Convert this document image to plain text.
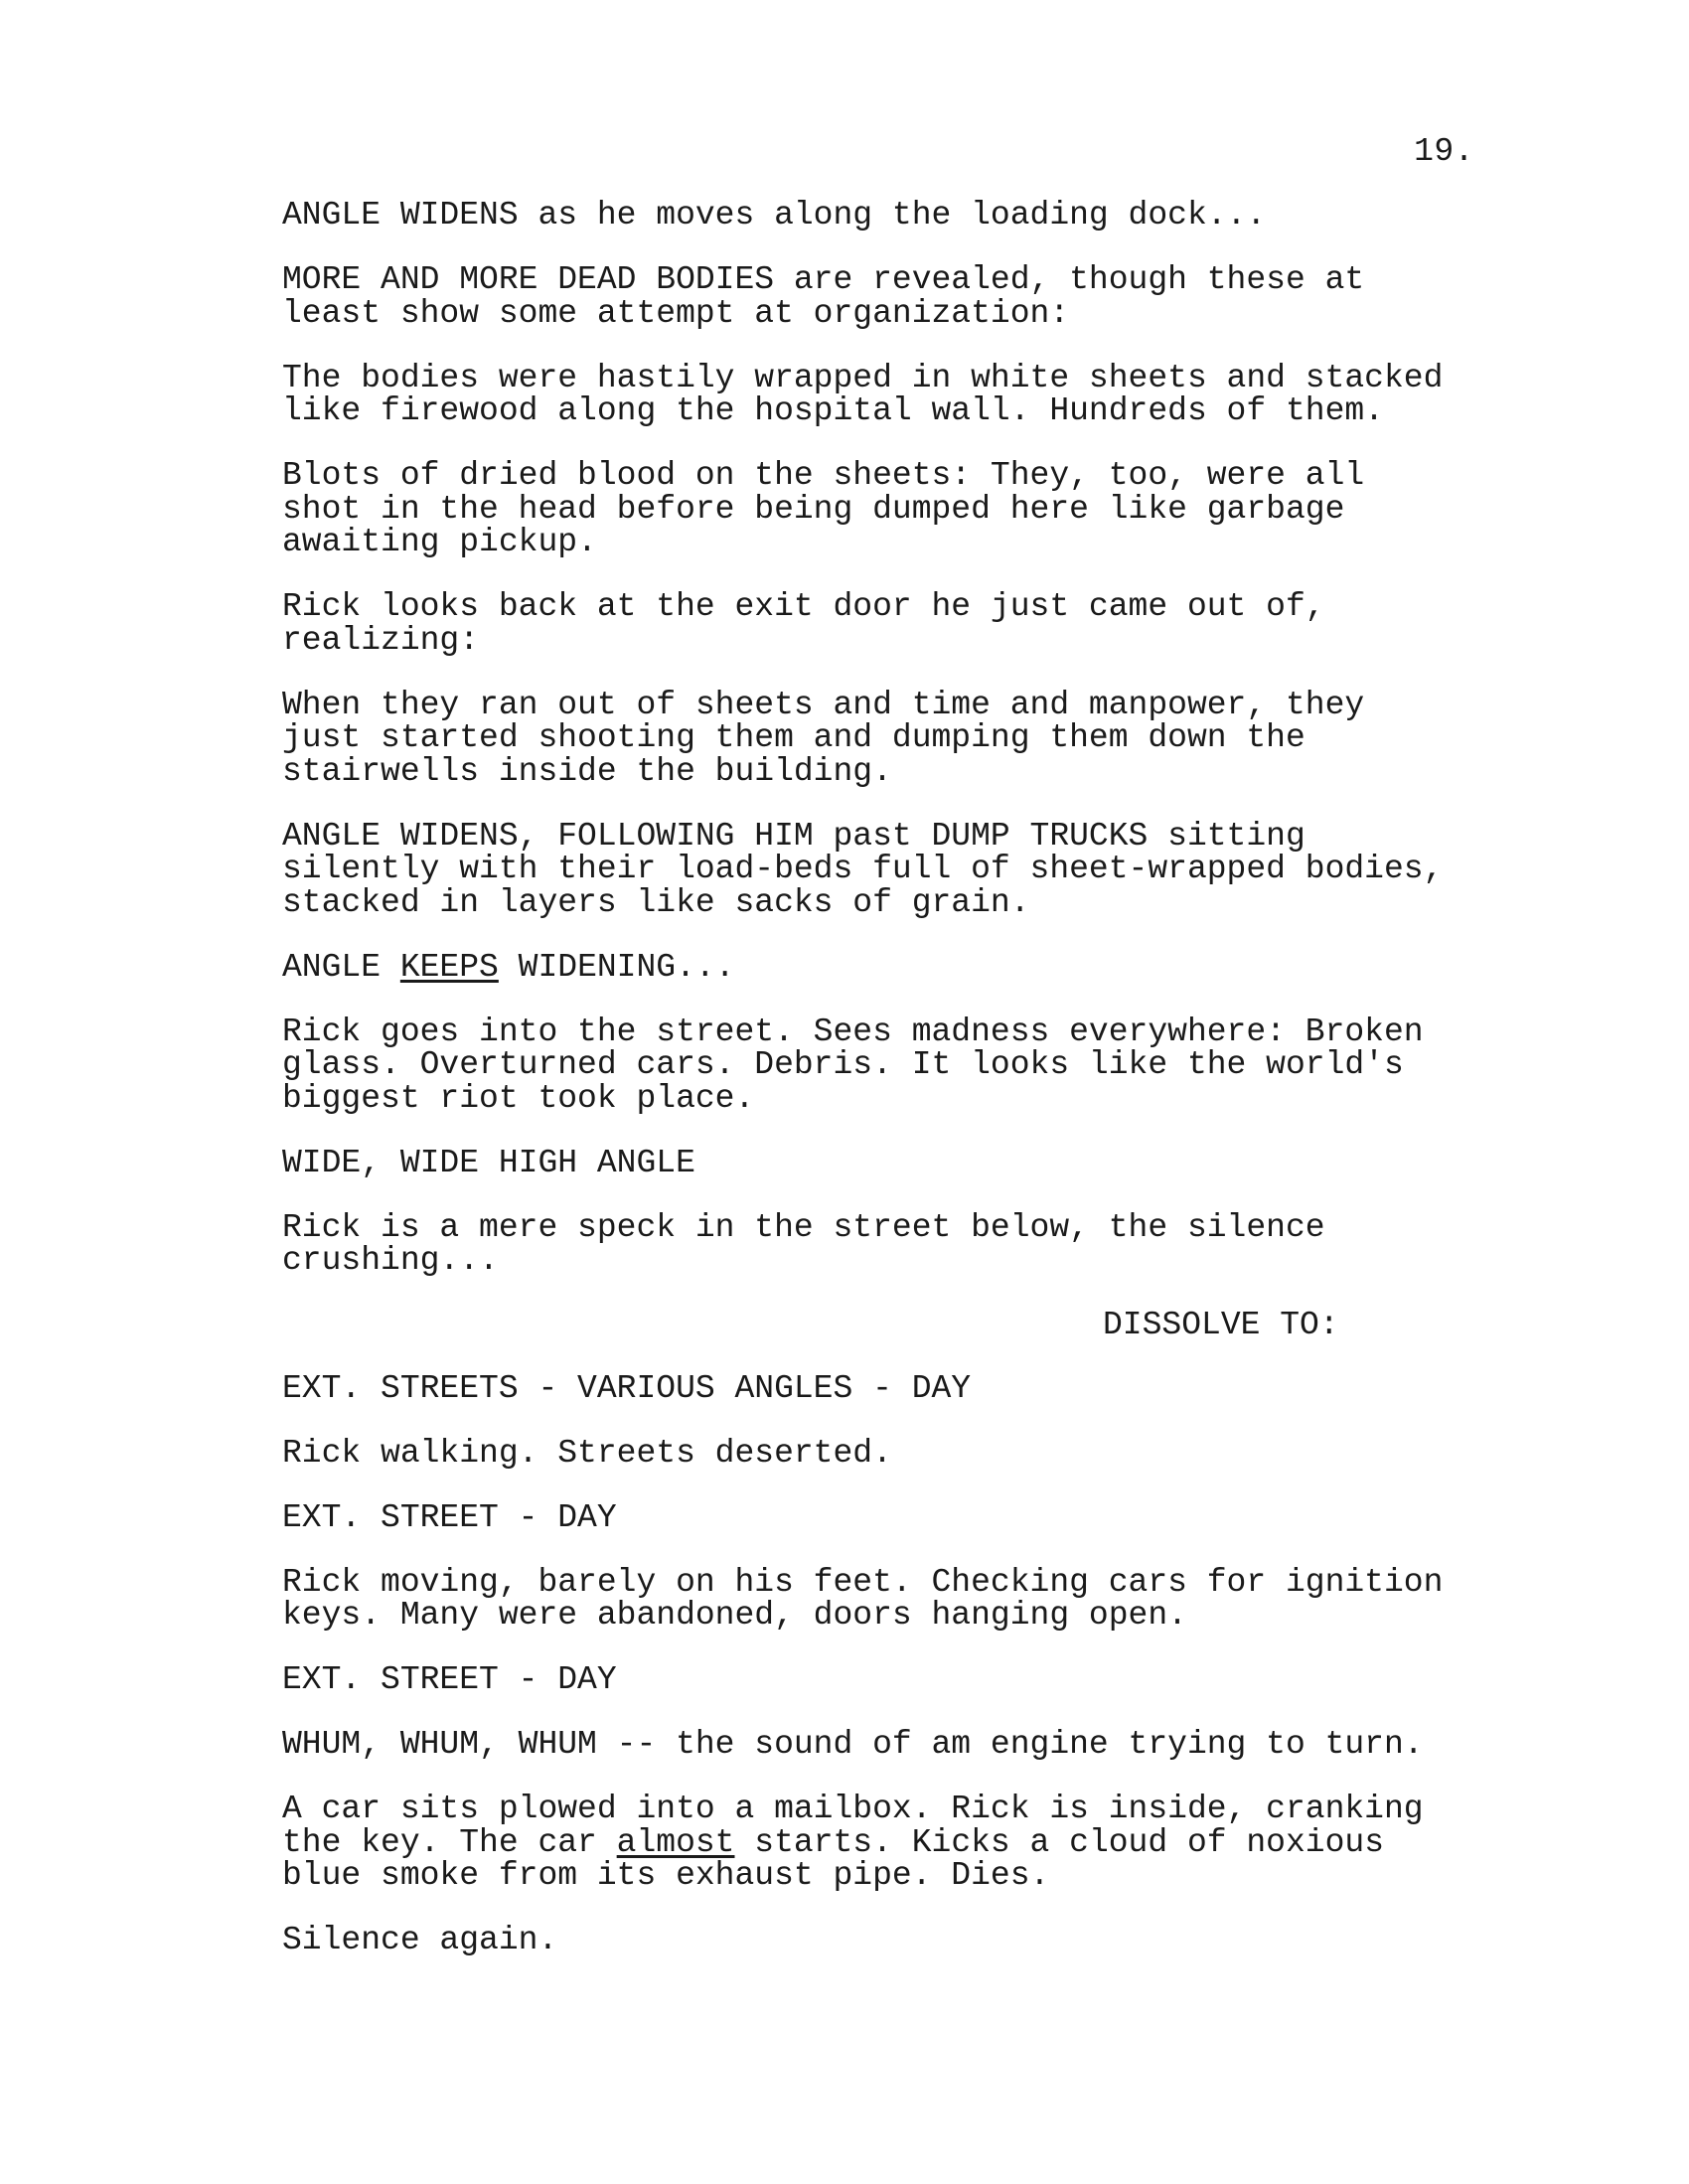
19.
ANGLE WIDENS as he moves along the loading dock...
MORE AND MORE DEAD BODIES are revealed, though these at
least show some attempt at organization:
The bodies were hastily wrapped in white sheets and stacked
like firewood along the hospital wall. Hundreds of them.
Blots of dried blood on the sheets: They, too, were all
shot in the head before being dumped here like garbage
awaiting pickup.
Rick looks back at the exit door he just came out of,
realizing:
When they ran out of sheets and time and manpower, they
just started shooting them and dumping them down the
stairwells inside the building.
ANGLE WIDENS, FOLLOWING HIM past DUMP TRUCKS sitting
silently with their load-beds full of sheet-wrapped bodies,
stacked in layers like sacks of grain.
ANGLE KEEPS WIDENING...
Rick goes into the street. Sees madness everywhere: Broken
glass. Overturned cars. Debris. It looks like the world's
biggest riot took place.
WIDE, WIDE HIGH ANGLE
Rick is a mere speck in the street below, the silence
crushing...
DISSOLVE TO:
EXT. STREETS - VARIOUS ANGLES - DAY
Rick walking. Streets deserted.
EXT. STREET - DAY
Rick moving, barely on his feet. Checking cars for ignition
keys. Many were abandoned, doors hanging open.
EXT. STREET - DAY
WHUM, WHUM, WHUM -- the sound of am engine trying to turn.
A car sits plowed into a mailbox. Rick is inside, cranking
the key. The car almost starts. Kicks a cloud of noxious
blue smoke from its exhaust pipe. Dies.
Silence again.
